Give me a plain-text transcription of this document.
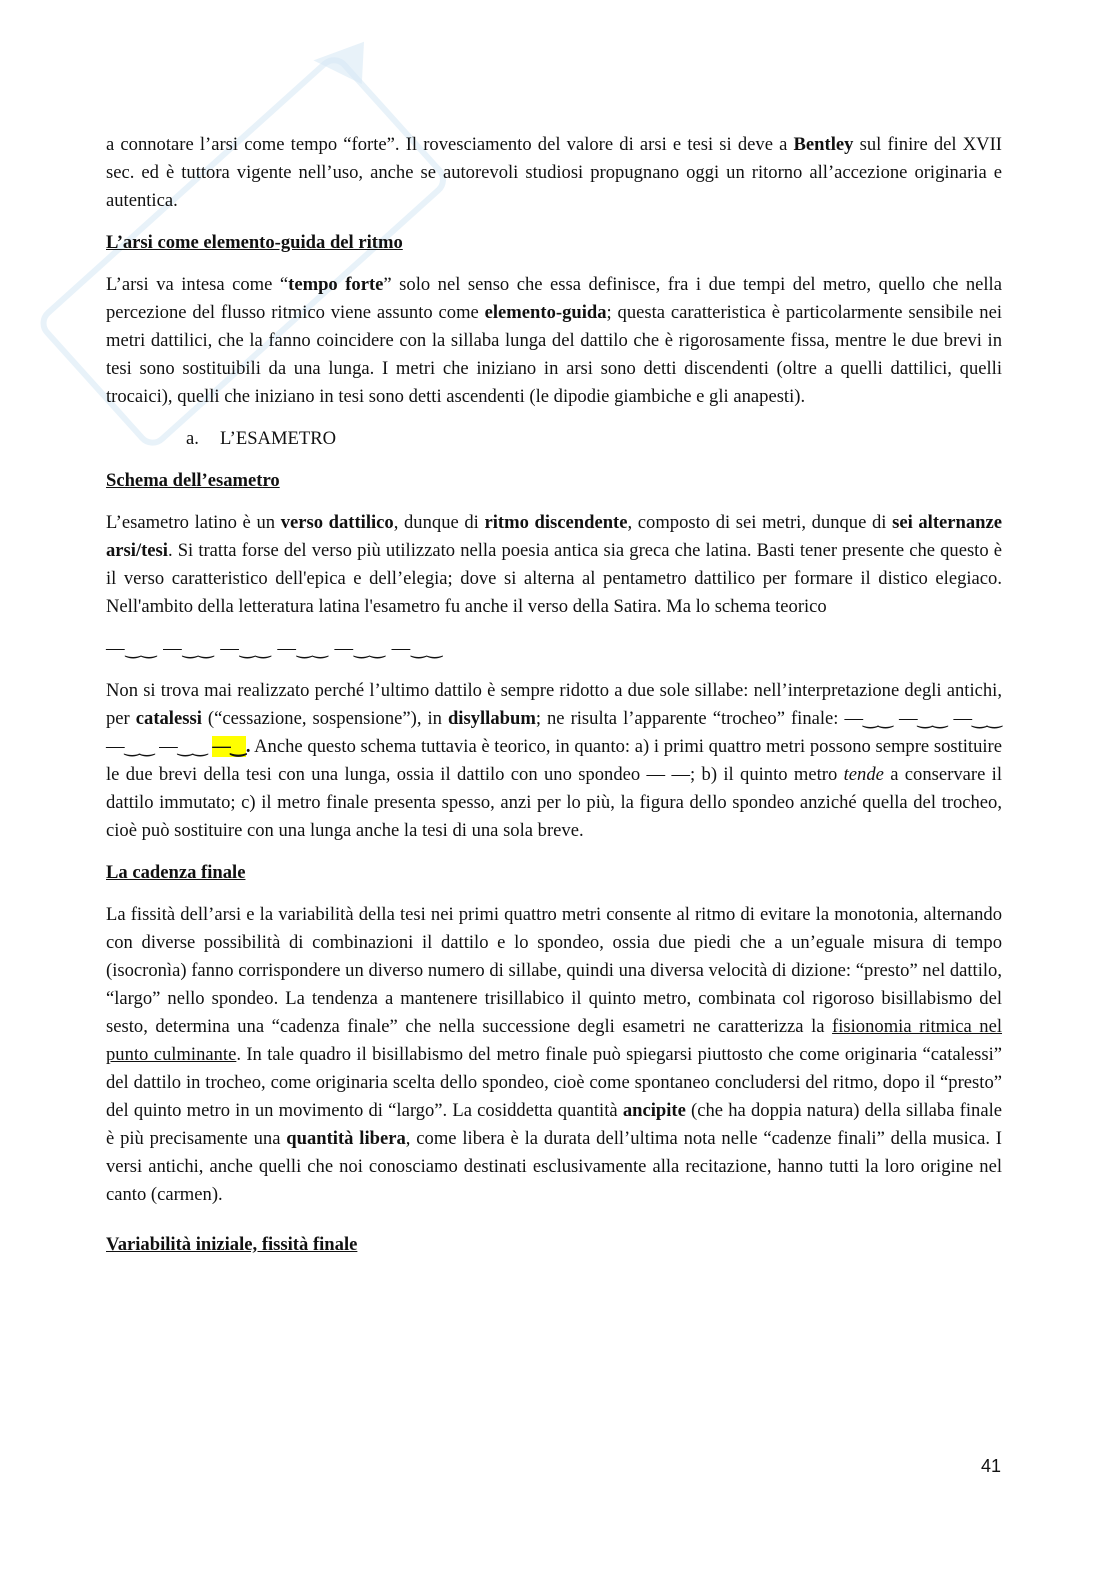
a connotare l’arsi come tempo “forte”. Il rovesciamento del valore di arsi e tesi si deve a Bentley sul finire del XVII sec. ed è tuttora vigente nell’uso, anche se autorevoli studiosi propugnano oggi un ritorno all’accezione originaria e autentica.

L’arsi come elemento-guida del ritmo

L’arsi va intesa come “tempo forte” solo nel senso che essa definisce, fra i due tempi del metro, quello che nella percezione del flusso ritmico viene assunto come elemento-guida; questa caratteristica è particolarmente sensibile nei metri dattilici, che la fanno coincidere con la sillaba lunga del dattilo che è rigorosamente fissa, mentre le due brevi in tesi sono sostituibili da una lunga. I metri che iniziano in arsi sono detti discendenti (oltre a quelli dattilici, quelli trocaici), quelli che iniziano in tesi sono detti ascendenti (le dipodie giambiche e gli anapesti).

a. L’ESAMETRO
Schema dell’esametro

L’esametro latino è un verso dattilico, dunque di ritmo discendente, composto di sei metri, dunque di sei alternanze arsi/tesi. Si tratta forse del verso più utilizzato nella poesia antica sia greca che latina. Basti tener presente che questo è il verso caratteristico dell'epica e dell’elegia; dove si alterna al pentametro dattilico per formare il distico elegiaco. Nell'ambito della letteratura latina l'esametro fu anche il verso della Satira. Ma lo schema teorico

—‿‿ —‿‿ —‿‿ —‿‿ —‿‿ —‿‿

Non si trova mai realizzato perché l’ultimo dattilo è sempre ridotto a due sole sillabe: nell’interpretazione degli antichi, per catalessi (“cessazione, sospensione”), in disyllabum; ne risulta l’apparente “trocheo” finale: —‿‿ —‿‿ —‿‿ —‿‿ —‿‿ —‿. Anche questo schema tuttavia è teorico, in quanto: a) i primi quattro metri possono sempre sostituire le due brevi della tesi con una lunga, ossia il dattilo con uno spondeo — —; b) il quinto metro tende a conservare il dattilo immutato; c) il metro finale presenta spesso, anzi per lo più, la figura dello spondeo anziché quella del trocheo, cioè può sostituire con una lunga anche la tesi di una sola breve.

La cadenza finale

La fissità dell’arsi e la variabilità della tesi nei primi quattro metri consente al ritmo di evitare la monotonia, alternando con diverse possibilità di combinazioni il dattilo e lo spondeo, ossia due piedi che a un’eguale misura di tempo (isocronìa) fanno corrispondere un diverso numero di sillabe, quindi una diversa velocità di dizione: “presto” nel dattilo, “largo” nello spondeo. La tendenza a mantenere trisillabico il quinto metro, combinata col rigoroso bisillabismo del sesto, determina una “cadenza finale” che nella successione degli esametri ne caratterizza la fisionomia ritmica nel punto culminante. In tale quadro il bisillabismo del metro finale può spiegarsi piuttosto che come originaria “catalessi” del dattilo in trocheo, come originaria scelta dello spondeo, cioè come spontaneo concludersi del ritmo, dopo il “presto” del quinto metro in un movimento di “largo”. La cosiddetta quantità ancipite (che ha doppia natura) della sillaba finale è più precisamente una quantità libera, come libera è la durata dell’ultima nota nelle “cadenze finali” della musica. I versi antichi, anche quelli che noi conosciamo destinati esclusivamente alla recitazione, hanno tutti la loro origine nel canto (carmen).

Variabilità iniziale, fissità finale
41
